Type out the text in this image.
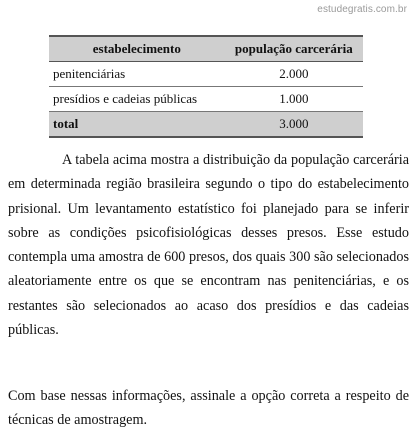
estudegratis.com.br
estabelecimento	população carcerária
penitenciárias	2.000
presídios e cadeias públicas	1.000
total	3.000

A tabela acima mostra a distribuição da população carcerária em determinada região brasileira segundo o tipo do estabelecimento prisional. Um levantamento estatístico foi planejado para se inferir sobre as condições psicofisiológicas desses presos. Esse estudo contempla uma amostra de 600 presos, dos quais 300 são selecionados aleatoriamente entre os que se encontram nas penitenciárias, e os restantes são selecionados ao acaso dos presídios e das cadeias públicas.

Com base nessas informações, assinale a opção correta a respeito de técnicas de amostragem.
